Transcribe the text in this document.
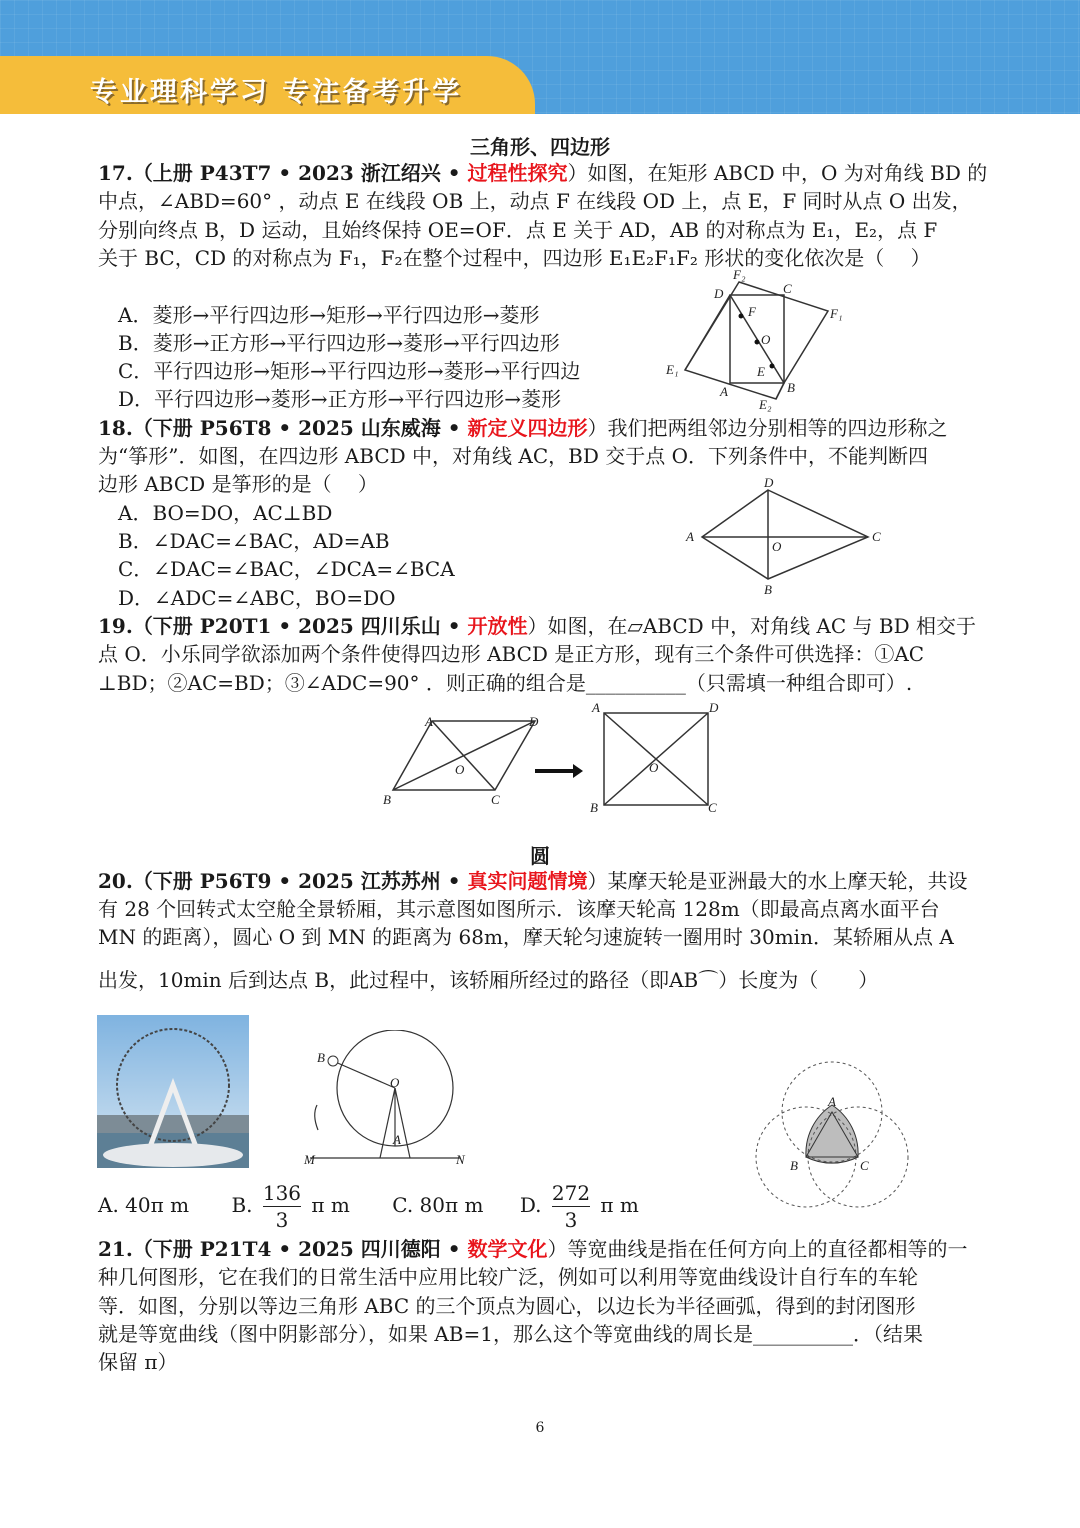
专业理科学习 专注备考升学
三角形、四边形
17.（上册 P43T7 • 2023 浙江绍兴 • 过程性探究）如图，在矩形 ABCD 中，O 为对角线 BD 的
中点，∠ABD=60° ，动点 E 在线段 OB 上，动点 F 在线段 OD 上，点 E，F 同时从点 O 出发，
分别向终点 B，D 运动，且始终保持 OE=OF．点 E 关于 AD，AB 的对称点为 E₁，E₂，点 F
关于 BC，CD 的对称点为 F₁，F₂在整个过程中，四边形 E₁E₂F₁F₂ 形状的变化依次是（　 ）
A．菱形→平行四边形→矩形→平行四边形→菱形
B．菱形→正方形→平行四边形→菱形→平行四边形
C．平行四边形→矩形→平行四边形→菱形→平行四边
D．平行四边形→菱形→正方形→平行四边形→菱形
D	C
F₂
F₁
F
O
E
E₁
A	B
E₂
18.（下册 P56T8 • 2025 山东威海 • 新定义四边形）我们把两组邻边分别相等的四边形称之
为“筝形”．如图，在四边形 ABCD 中，对角线 AC，BD 交于点 O．下列条件中，不能判断四
边形 ABCD 是筝形的是（　 ）
A．BO=DO，AC⊥BD
B．∠DAC=∠BAC，AD=AB
C．∠DAC=∠BAC，∠DCA=∠BCA
D．∠ADC=∠ABC，BO=DO
D
C
A
B
O
19.（下册 P20T1 • 2025 四川乐山 • 开放性）如图，在▱ABCD 中，对角线 AC 与 BD 相交于
点 O．小乐同学欲添加两个条件使得四边形 ABCD 是正方形，现有三个条件可供选择：①AC
⊥BD；②AC=BD；③∠ADC=90° ．则正确的组合是__________（只需填一种组合即可）.
A	D
B	C
O
A	D
B	C
O
圆
20.（下册 P56T9 • 2025 江苏苏州 • 真实问题情境）某摩天轮是亚洲最大的水上摩天轮，共设
有 28 个回转式太空舱全景轿厢，其示意图如图所示．该摩天轮高 128m（即最高点离水面平台
MN 的距离），圆心 O 到 MN 的距离为 68m，摩天轮匀速旋转一圈用时 30min．某轿厢从点 A
出发，10min 后到达点 B，此过程中，该轿厢所经过的路径（即AB⌒）长度为（　　）
B
O
A
M	N
A
B	C
A. 40π m B. $\frac{136}{3}$ π m C. 80π m D. $\frac{272}{3}$ π m
21.（下册 P21T4 • 2025 四川德阳 • 数学文化）等宽曲线是指在任何方向上的直径都相等的一
种几何图形，它在我们的日常生活中应用比较广泛，例如可以利用等宽曲线设计自行车的车轮
等．如图，分别以等边三角形 ABC 的三个顶点为圆心，以边长为半径画弧，得到的封闭图形
就是等宽曲线（图中阴影部分），如果 AB=1，那么这个等宽曲线的周长是__________．（结果
保留 π）
6
